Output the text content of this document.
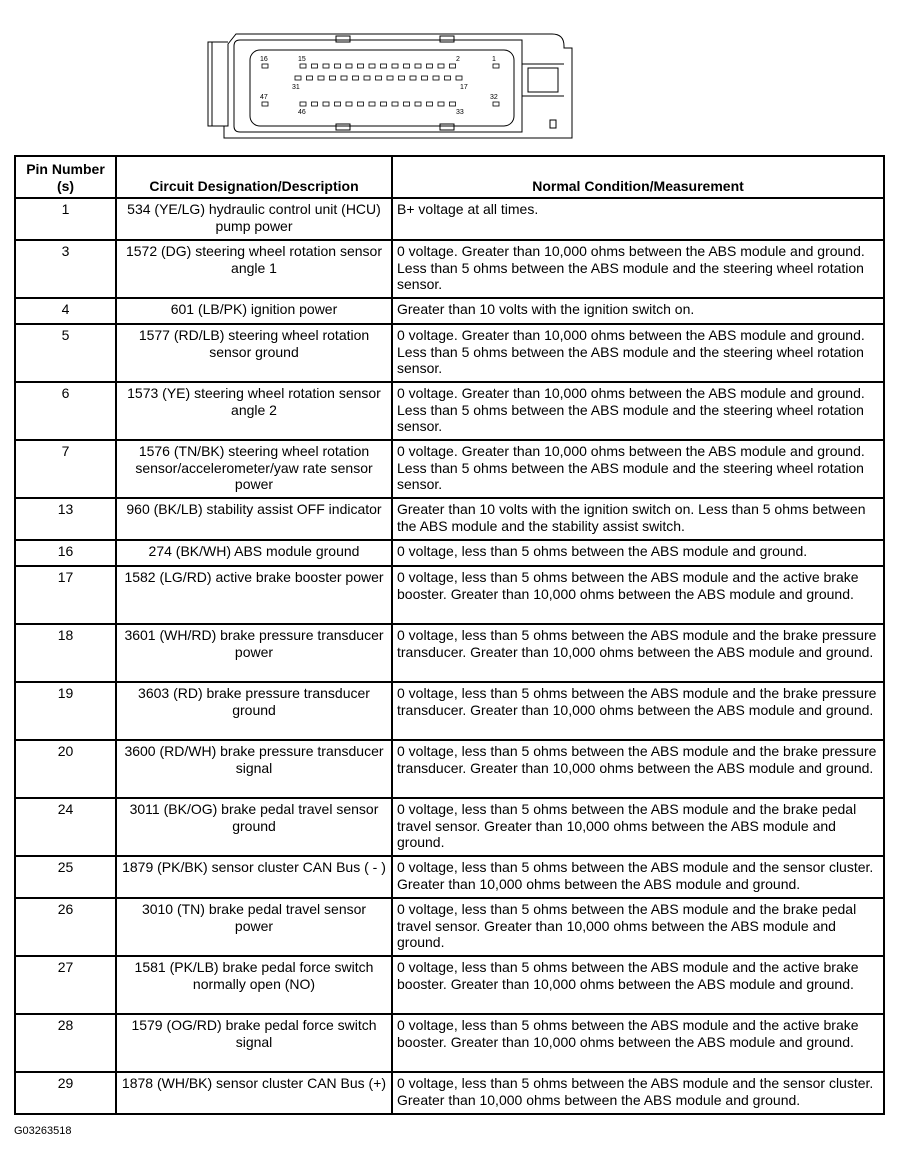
16	15	2	1
31	17
47
46	33
32
Pin Number (s)	Circuit Designation/Description	Normal Condition/Measurement
1	534 (YE/LG) hydraulic control unit (HCU) pump power	B+ voltage at all times.
3	1572 (DG) steering wheel rotation sensor angle 1	0 voltage. Greater than 10,000 ohms between the ABS module and ground. Less than 5 ohms between the ABS module and the steering wheel rotation sensor.
4	601 (LB/PK) ignition power	Greater than 10 volts with the ignition switch on.
5	1577 (RD/LB) steering wheel rotation sensor ground	0 voltage. Greater than 10,000 ohms between the ABS module and ground. Less than 5 ohms between the ABS module and the steering wheel rotation sensor.
6	1573 (YE) steering wheel rotation sensor angle 2	0 voltage. Greater than 10,000 ohms between the ABS module and ground. Less than 5 ohms between the ABS module and the steering wheel rotation sensor.
7	1576 (TN/BK) steering wheel rotation sensor/accelerometer/yaw rate sensor power	0 voltage. Greater than 10,000 ohms between the ABS module and ground. Less than 5 ohms between the ABS module and the steering wheel rotation sensor.
13	960 (BK/LB) stability assist OFF indicator	Greater than 10 volts with the ignition switch on. Less than 5 ohms between the ABS module and the stability assist switch.
16	274 (BK/WH) ABS module ground	0 voltage, less than 5 ohms between the ABS module and ground.
17	1582 (LG/RD) active brake booster power	0 voltage, less than 5 ohms between the ABS module and the active brake booster. Greater than 10,000 ohms between the ABS module and ground.
18	3601 (WH/RD) brake pressure transducer power	0 voltage, less than 5 ohms between the ABS module and the brake pressure transducer. Greater than 10,000 ohms between the ABS module and ground.
19	3603 (RD) brake pressure transducer ground	0 voltage, less than 5 ohms between the ABS module and the brake pressure transducer. Greater than 10,000 ohms between the ABS module and ground.
20	3600 (RD/WH) brake pressure transducer signal	0 voltage, less than 5 ohms between the ABS module and the brake pressure transducer. Greater than 10,000 ohms between the ABS module and ground.
24	3011 (BK/OG) brake pedal travel sensor ground	0 voltage, less than 5 ohms between the ABS module and the brake pedal travel sensor. Greater than 10,000 ohms between the ABS module and ground.
25	1879 (PK/BK) sensor cluster CAN Bus ( - )	0 voltage, less than 5 ohms between the ABS module and the sensor cluster. Greater than 10,000 ohms between the ABS module and ground.
26	3010 (TN) brake pedal travel sensor power	0 voltage, less than 5 ohms between the ABS module and the brake pedal travel sensor. Greater than 10,000 ohms between the ABS module and ground.
27	1581 (PK/LB) brake pedal force switch normally open (NO)	0 voltage, less than 5 ohms between the ABS module and the active brake booster. Greater than 10,000 ohms between the ABS module and ground.
28	1579 (OG/RD) brake pedal force switch signal	0 voltage, less than 5 ohms between the ABS module and the active brake booster. Greater than 10,000 ohms between the ABS module and ground.
29	1878 (WH/BK) sensor cluster CAN Bus (+)	0 voltage, less than 5 ohms between the ABS module and the sensor cluster. Greater than 10,000 ohms between the ABS module and ground.
G03263518
